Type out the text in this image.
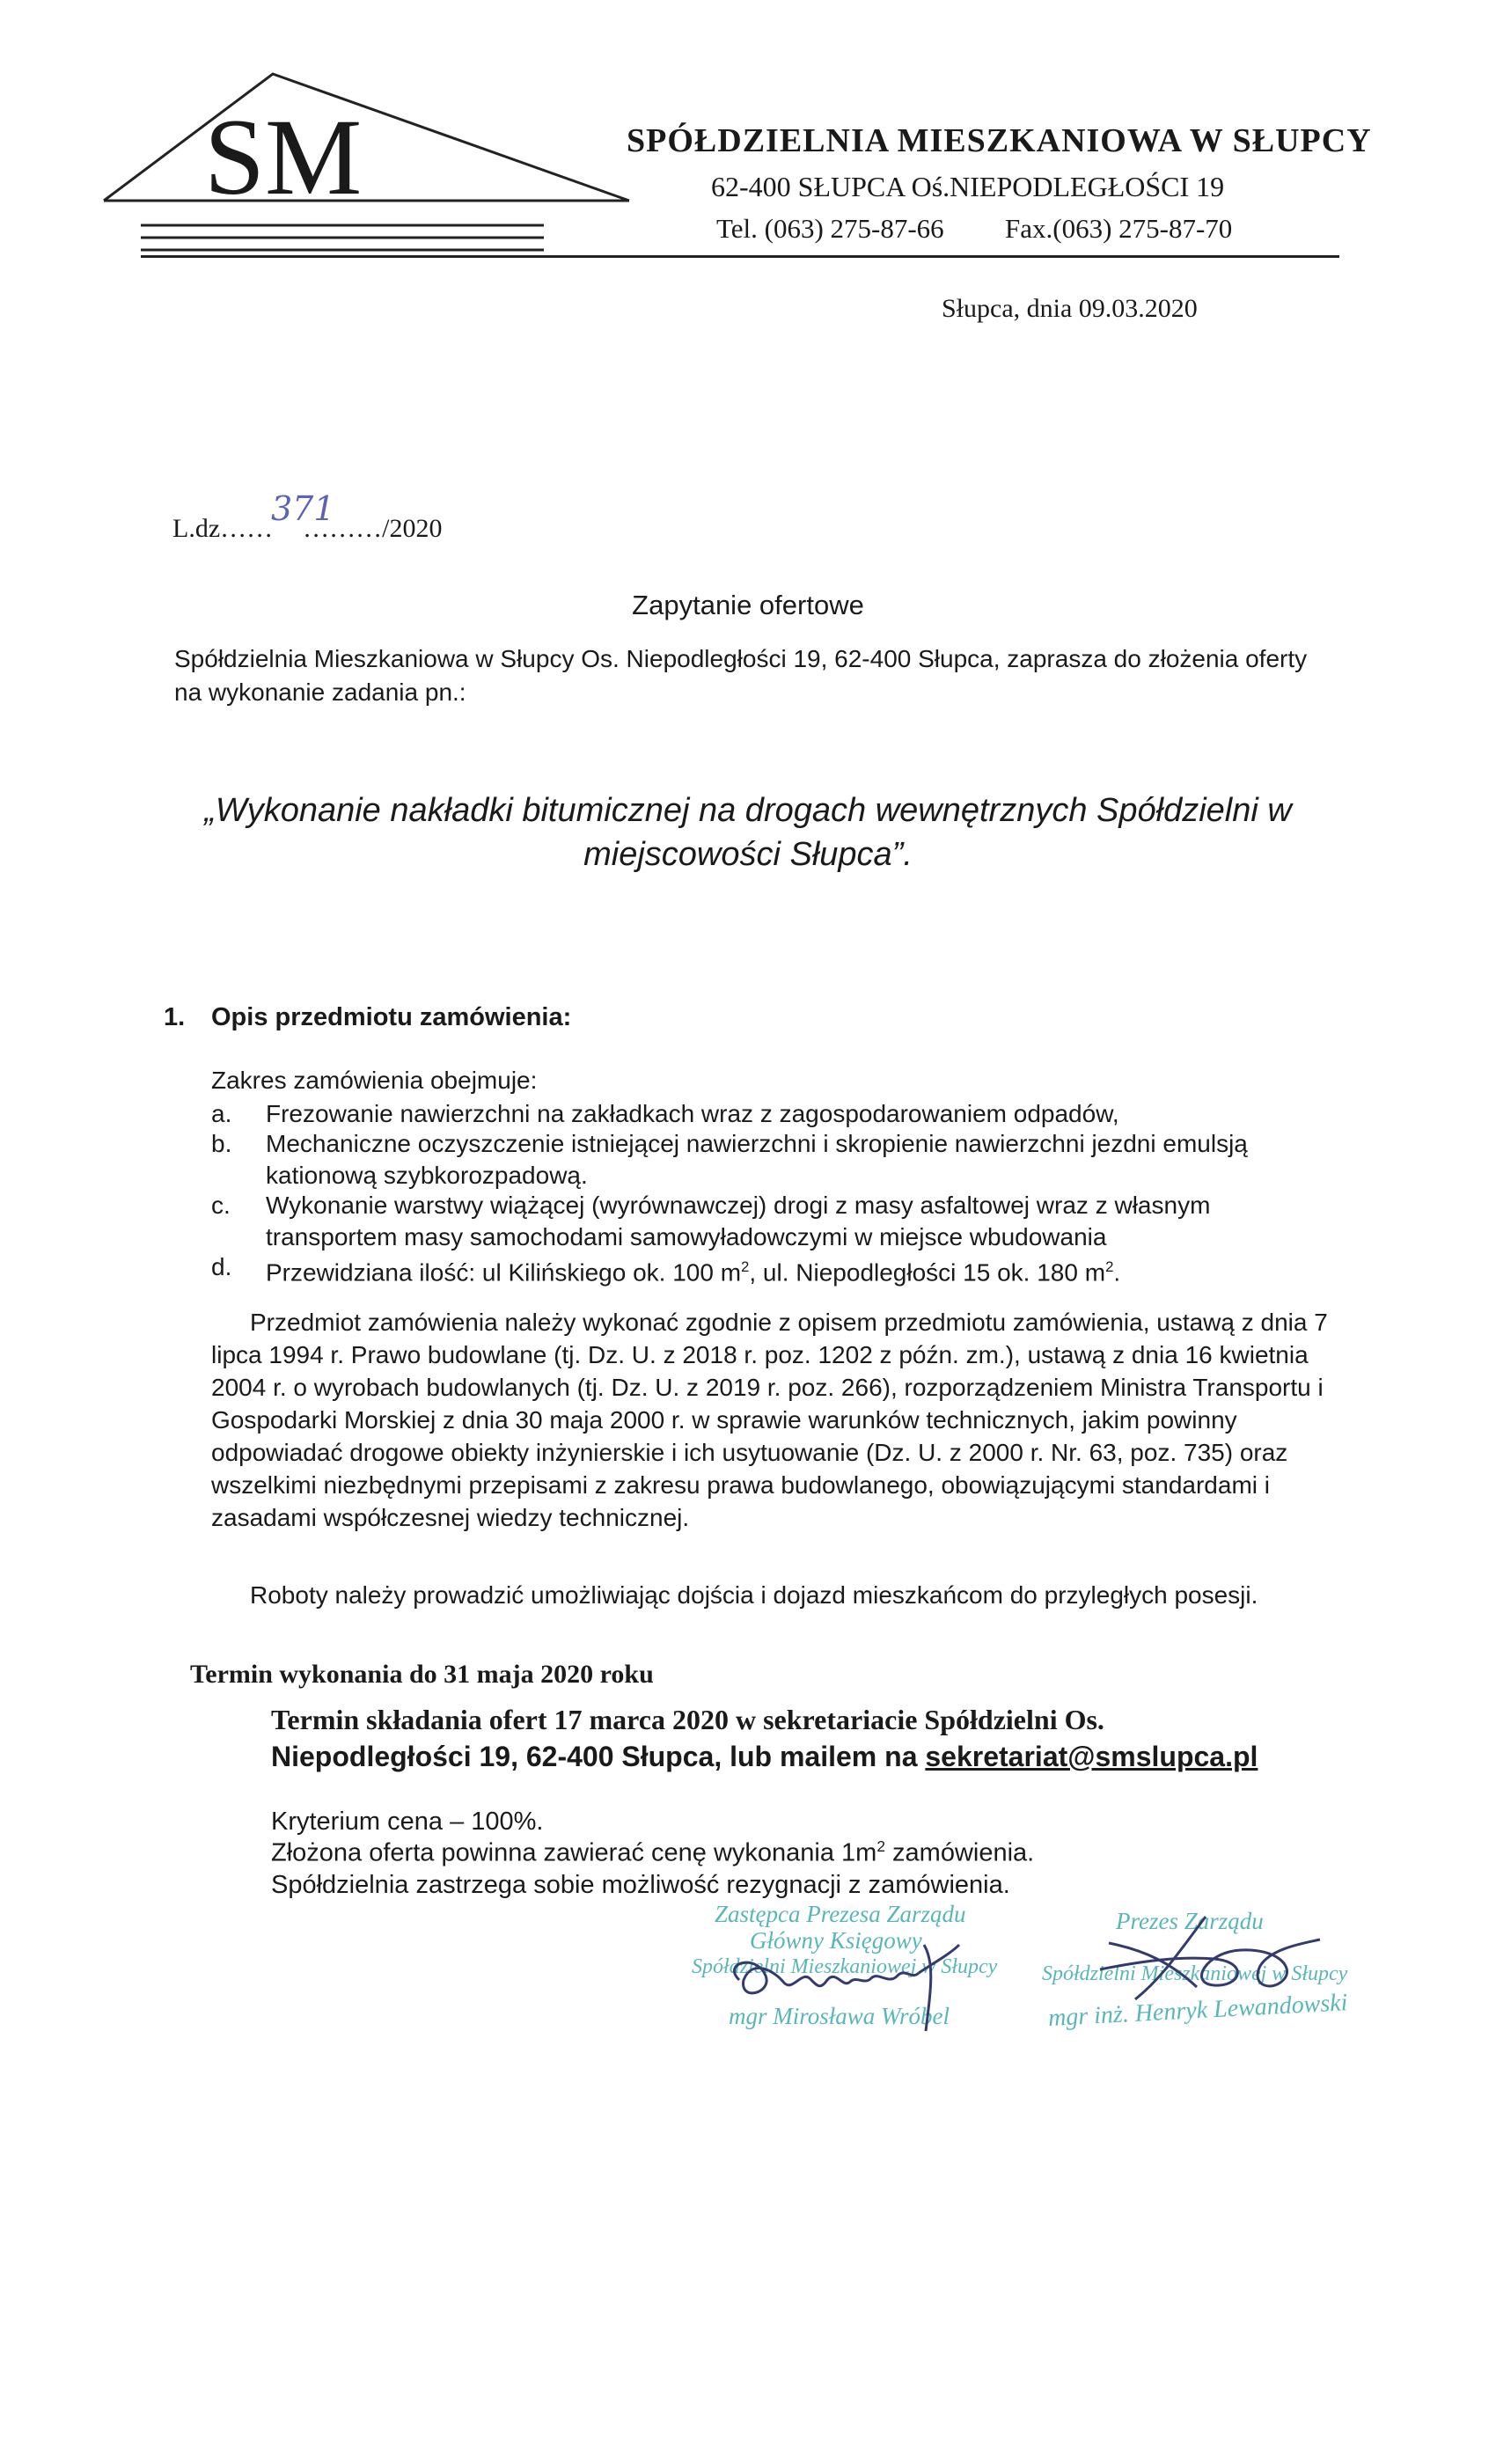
SM	SPÓŁDZIELNIA MIESZKANIOWA W SŁUPCY
62-400 SŁUPCA Oś.NIEPODLEGŁOŚCI 19
Tel. (063) 275-87-66 Fax.(063) 275-87-70
Słupca, dnia 09.03.2020
L.dz…… ………/2020
371
Zapytanie ofertowe
Spółdzielnia Mieszkaniowa w Słupcy Os. Niepodległości 19, 62-400 Słupca, zaprasza do złożenia oferty na wykonanie zadania pn.:
„Wykonanie nakładki bitumicznej na drogach wewnętrznych Spółdzielni w miejscowości Słupca”.
1. Opis przedmiotu zamówienia:
Zakres zamówienia obejmuje:
a. Frezowanie nawierzchni na zakładkach wraz z zagospodarowaniem odpadów,
b. Mechaniczne oczyszczenie istniejącej nawierzchni i skropienie nawierzchni jezdni emulsją kationową szybkorozpadową.
c. Wykonanie warstwy wiążącej (wyrównawczej) drogi z masy asfaltowej wraz z własnym transportem masy samochodami samowyładowczymi w miejsce wbudowania
d. Przewidziana ilość: ul Kilińskiego ok. 100 $m^2$, ul. Niepodległości 15 ok. 180 $m^2$.
Przedmiot zamówienia należy wykonać zgodnie z opisem przedmiotu zamówienia, ustawą z dnia 7 lipca 1994 r. Prawo budowlane (tj. Dz. U. z 2018 r. poz. 1202 z późn. zm.), ustawą z dnia 16 kwietnia 2004 r. o wyrobach budowlanych (tj. Dz. U. z 2019 r. poz. 266), rozporządzeniem Ministra Transportu i Gospodarki Morskiej z dnia 30 maja 2000 r. w sprawie warunków technicznych, jakim powinny odpowiadać drogowe obiekty inżynierskie i ich usytuowanie (Dz. U. z 2000 r. Nr. 63, poz. 735) oraz wszelkimi niezbędnymi przepisami z zakresu prawa budowlanego, obowiązującymi standardami i zasadami współczesnej wiedzy technicznej.
Roboty należy prowadzić umożliwiając dojścia i dojazd mieszkańcom do przyległych posesji.
Termin wykonania do 31 maja 2020 roku
Termin składania ofert 17 marca 2020 w sekretariacie Spółdzielni Os.
Niepodległości 19, 62-400 Słupca, lub mailem na sekretariat@smslupca.pl
Kryterium cena – 100%.
Złożona oferta powinna zawierać cenę wykonania $1m^2$ zamówienia.
Spółdzielnia zastrzega sobie możliwość rezygnacji z zamówienia.
Zastępca Prezesa Zarządu
Główny Księgowy
Spółdzielni Mieszkaniowej w Słupcy
mgr Mirosława Wróbel
Prezes Zarządu
Spółdzielni Mieszkaniowej w Słupcy
mgr inż. Henryk Lewandowski
